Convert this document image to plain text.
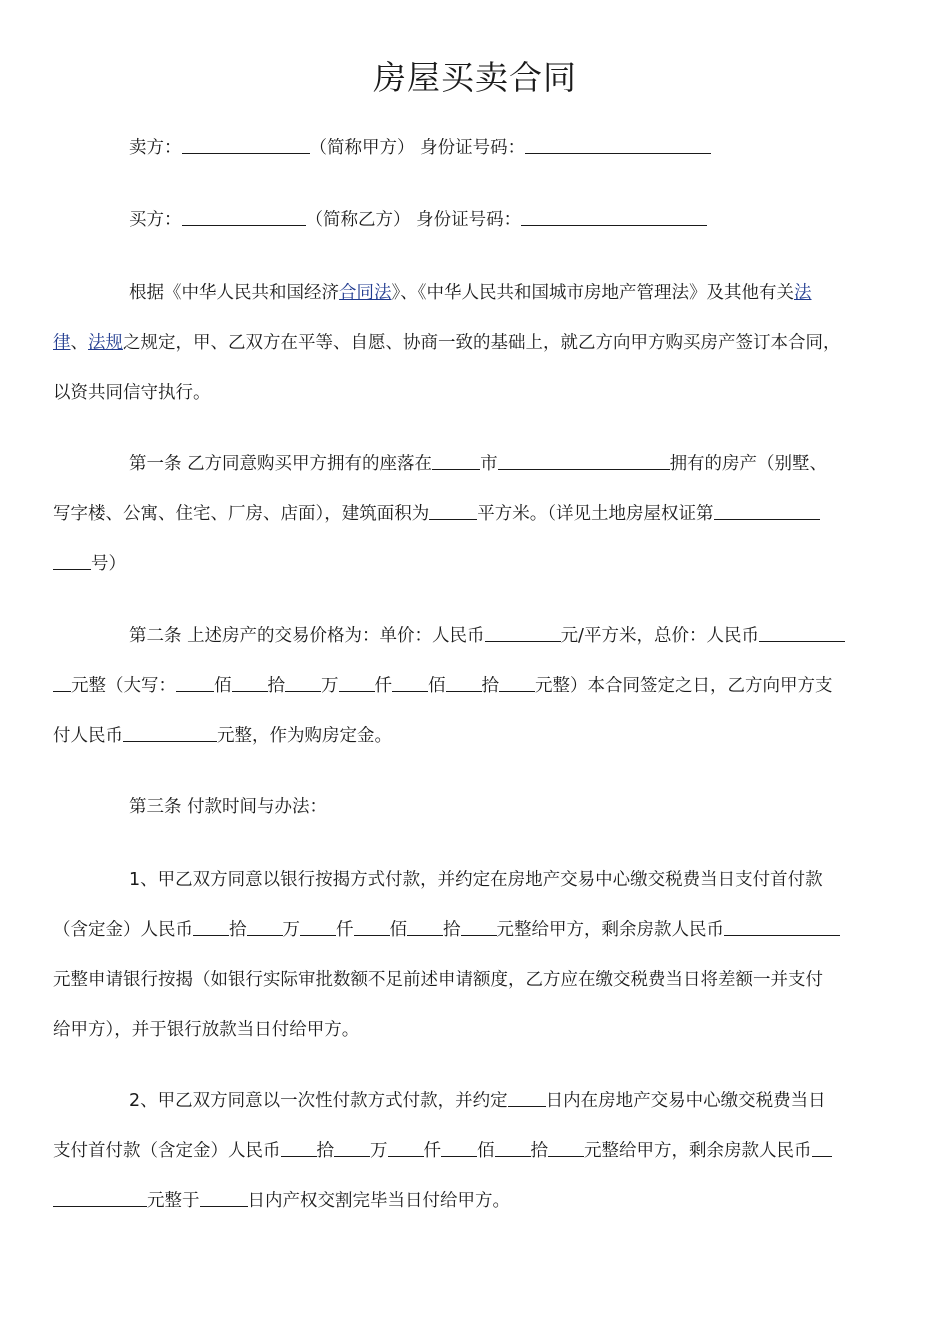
房屋买卖合同

卖方：	（简称甲方） 身份证号码：

买方：	（简称乙方） 身份证号码：

根据《中华人民共和国经济合同法》、《中华人民共和国城市房地产管理法》及其他有关法
律、法规之规定，甲、乙双方在平等、自愿、协商一致的基础上，就乙方向甲方购买房产签订本合同，
以资共同信守执行。
第一条 乙方同意购买甲方拥有的座落在	市	拥有的房产（别墅、
写字楼、公寓、住宅、厂房、店面），建筑面积为	平方米。（详见土地房屋权证第
号）
第二条 上述房产的交易价格为：单价：人民币	元/平方米，总价：人民币
元整（大写： 佰 拾 万 仟 佰 拾 元整）本合同签定之日，乙方向甲方支
付人民币	元整，作为购房定金。

第三条 付款时间与办法：

1、甲乙双方同意以银行按揭方式付款，并约定在房地产交易中心缴交税费当日支付首付款
（含定金）人民币 拾 万 仟 佰 拾 元整给甲方，剩余房款人民币
元整申请银行按揭（如银行实际审批数额不足前述申请额度，乙方应在缴交税费当日将差额一并支付
给甲方），并于银行放款当日付给甲方。
2、甲乙双方同意以一次性付款方式付款，并约定 日内在房地产交易中心缴交税费当日
支付首付款（含定金）人民币 拾 万 仟 佰 拾 元整给甲方，剩余房款人民币
元整于	日内产权交割完毕当日付给甲方。
